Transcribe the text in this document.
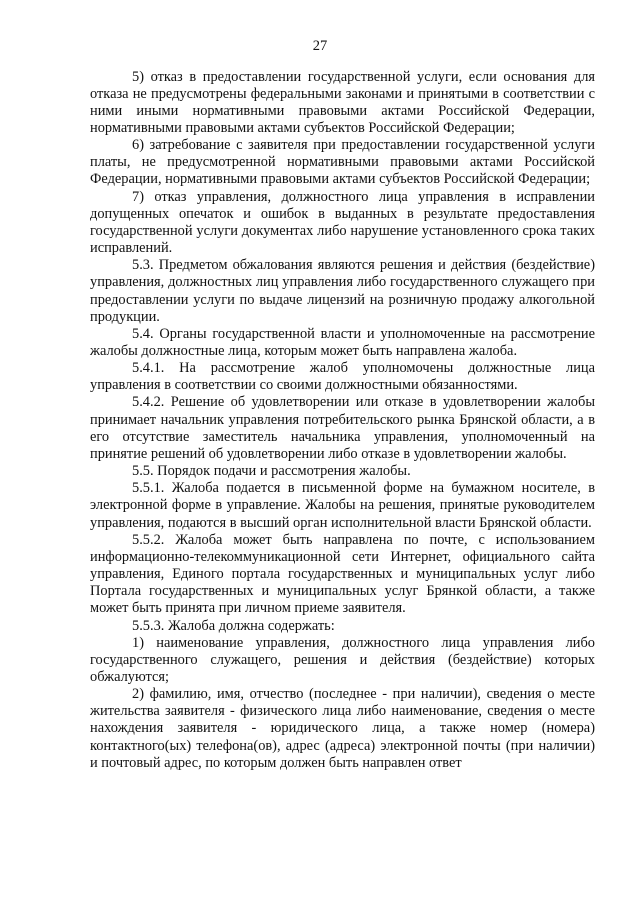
27

5) отказ в предоставлении государственной услуги, если основания для отказа не предусмотрены федеральными законами и принятыми в соответствии с ними иными нормативными правовыми актами Российской Федерации, нормативными правовыми актами субъектов Российской Федерации;

6) затребование с заявителя при предоставлении государственной услуги платы, не предусмотренной нормативными правовыми актами Российской Федерации, нормативными правовыми актами субъектов Российской Федерации;

7) отказ управления, должностного лица управления в исправлении допущенных опечаток и ошибок в выданных в результате предоставления государственной услуги документах либо нарушение установленного срока таких исправлений.

5.3. Предметом обжалования являются решения и действия (бездействие) управления, должностных лиц управления либо государственного служащего при предоставлении услуги по выдаче лицензий на розничную продажу алкогольной продукции.

5.4. Органы государственной власти и уполномоченные на рассмотрение жалобы должностные лица, которым может быть направлена жалоба.

5.4.1. На рассмотрение жалоб уполномочены должностные лица управления в соответствии со своими должностными обязанностями.

5.4.2. Решение об удовлетворении или отказе в удовлетворении жалобы принимает начальник управления потребительского рынка Брянской области, а в его отсутствие заместитель начальника управления, уполномоченный на принятие решений об удовлетворении либо отказе в удовлетворении жалобы.

5.5. Порядок подачи и рассмотрения жалобы.

5.5.1. Жалоба подается в письменной форме на бумажном носителе, в электронной форме в управление. Жалобы на решения, принятые руководителем управления, подаются в высший орган исполнительной власти Брянской области.

5.5.2. Жалоба может быть направлена по почте, с использованием информационно-телекоммуникационной сети Интернет, официального сайта управления, Единого портала государственных и муниципальных услуг либо Портала государственных и муниципальных услуг Брянкой области, а также может быть принята при личном приеме заявителя.

5.5.3. Жалоба должна содержать:

1) наименование управления, должностного лица управления либо государственного служащего, решения и действия (бездействие) которых обжалуются;

2) фамилию, имя, отчество (последнее - при наличии), сведения о месте жительства заявителя - физического лица либо наименование, сведения о месте нахождения заявителя - юридического лица, а также номер (номера) контактного(ых) телефона(ов), адрес (адреса) электронной почты (при наличии) и почтовый адрес, по которым должен быть направлен ответ
